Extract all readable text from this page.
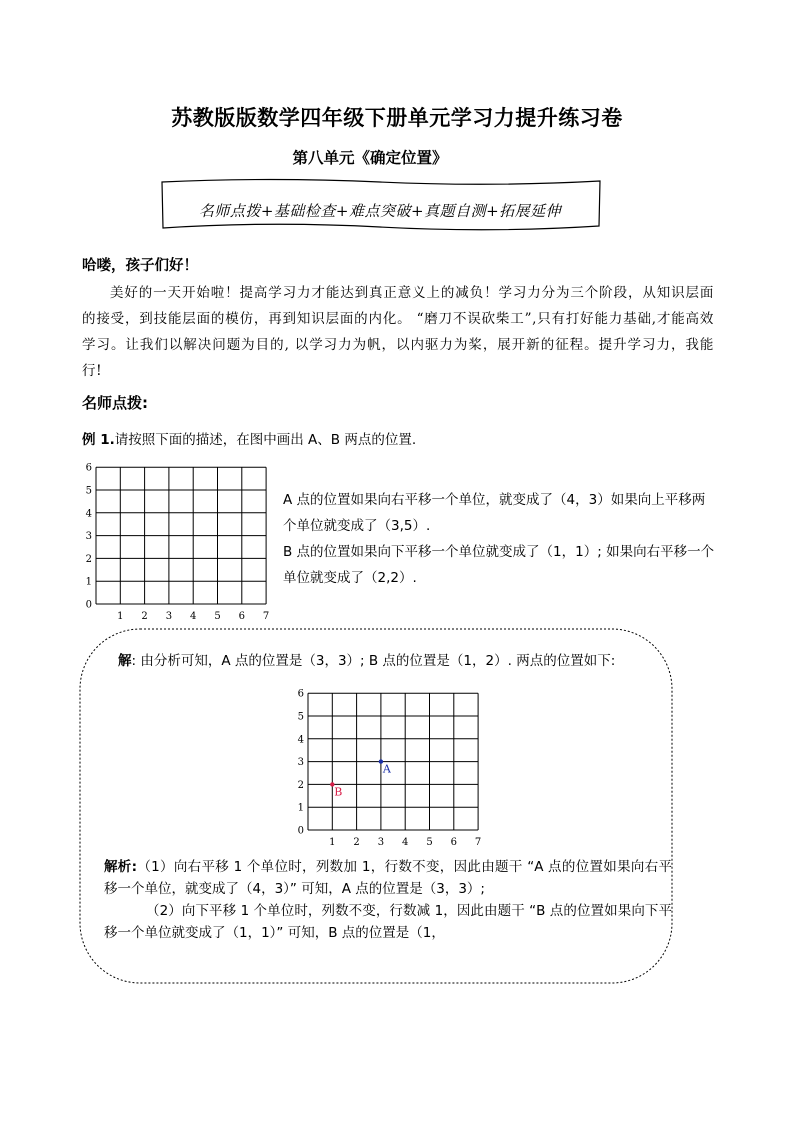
苏教版版数学四年级下册单元学习力提升练习卷
第八单元《确定位置》
名师点拨+基础检查+难点突破+真题自测+拓展延伸
哈喽，孩子们好！
美好的一天开始啦！提高学习力才能达到真正意义上的减负！学习力分为三个阶段，从知识层面的接受，到技能层面的模仿，再到知识层面的内化。 “磨刀不误砍柴工”,只有打好能力基础,才能高效学习。让我们以解决问题为目的, 以学习力为帆，以内驱力为桨，展开新的征程。提升学习力，我能行!
名师点拨:
例 1.请按照下面的描述，在图中画出 A、B 两点的位置.
1 2 3 4 5 6 7
0
1
2
3
4
5
6

A 点的位置如果向右平移一个单位，就变成了（4，3）如果向上平移两个单位就变成了（3,5）.

B 点的位置如果向下平移一个单位就变成了（1，1）; 如果向右平移一个单位就变成了（2,2）.

解: 由分析可知，A 点的位置是（3，3）; B 点的位置是（1，2）. 两点的位置如下:
1 2 3 4 5 6 7
0
1
2
3
4
5
6
A
B

解析:（1）向右平移 1 个单位时，列数加 1，行数不变，因此由题干 “A 点的位置如果向右平移一个单位，就变成了（4，3）” 可知，A 点的位置是（3，3）;

（2）向下平移 1 个单位时，列数不变，行数减 1，因此由题干 “B 点的位置如果向下平移一个单位就变成了（1，1）” 可知，B 点的位置是（1，
